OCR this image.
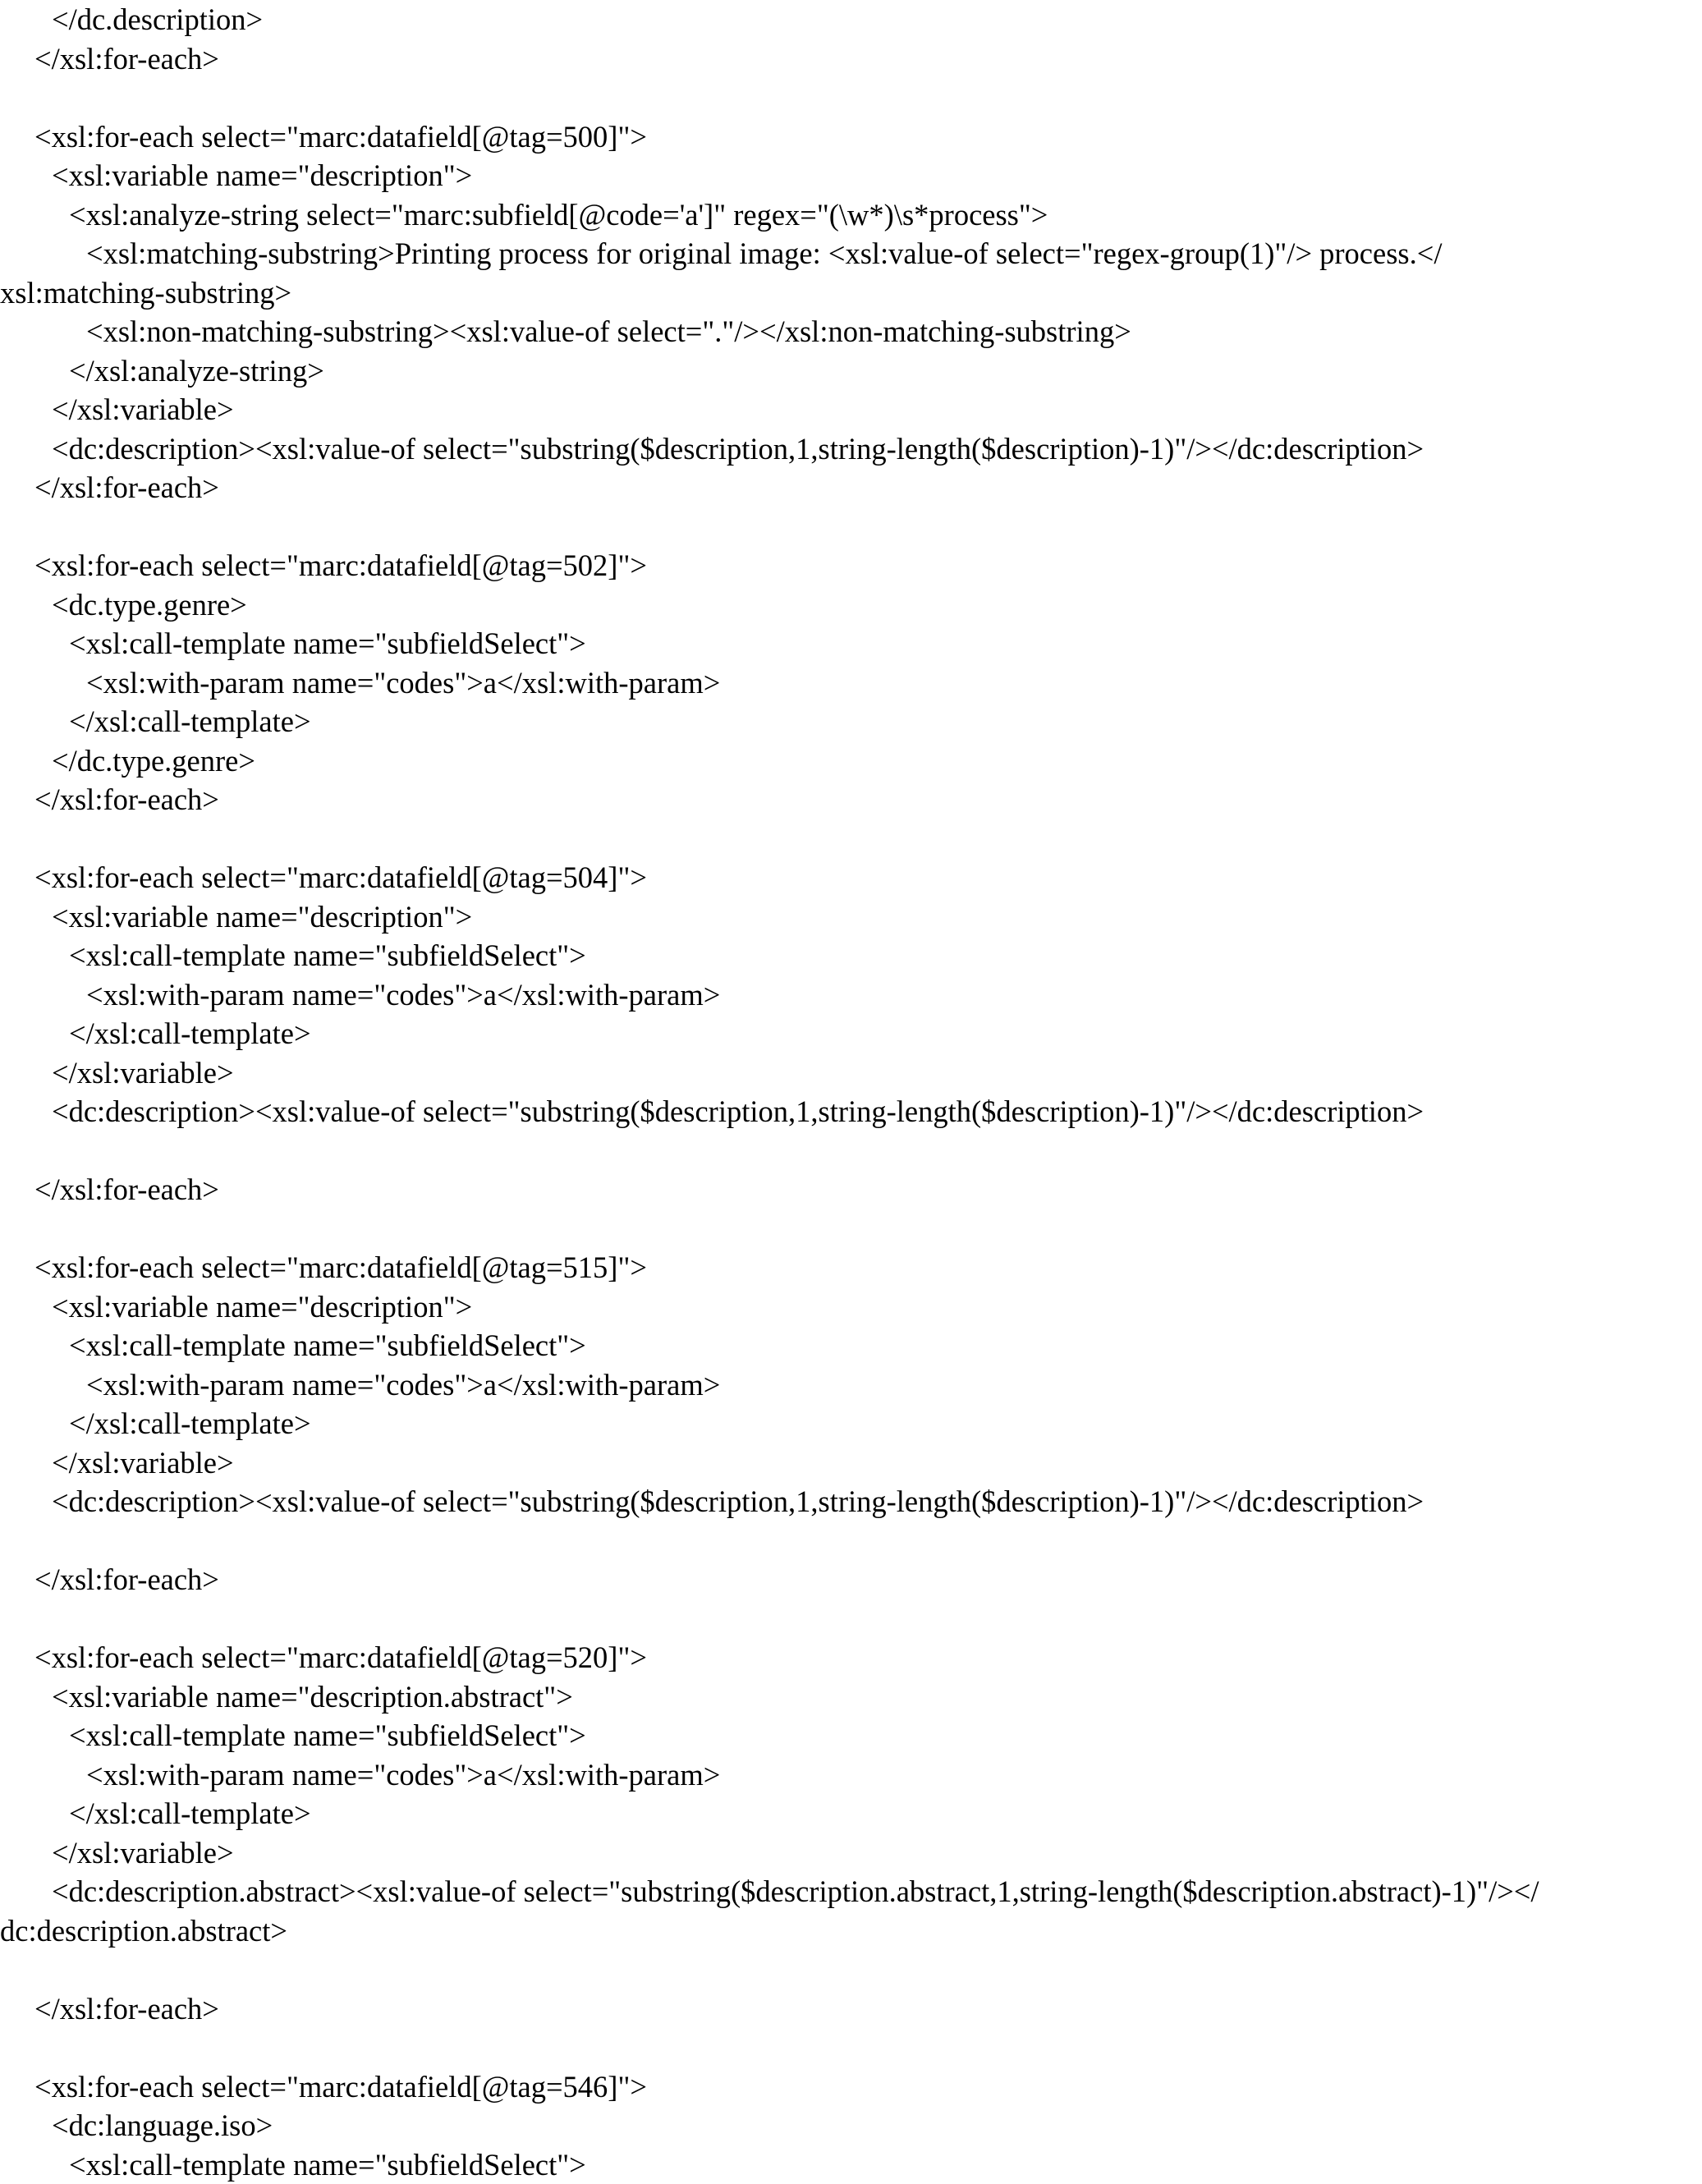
</dc.description>
</xsl:for-each>
<xsl:for-each select="marc:datafield[@tag=500]">
<xsl:variable name="description">
<xsl:analyze-string select="marc:subfield[@code='a']" regex="(\w*)\s*process">
<xsl:matching-substring>Printing process for original image: <xsl:value-of select="regex-group(1)"/> process.</
xsl:matching-substring>
<xsl:non-matching-substring><xsl:value-of select="."/></xsl:non-matching-substring>
</xsl:analyze-string>
</xsl:variable>
<dc:description><xsl:value-of select="substring($description,1,string-length($description)-1)"/></dc:description>
</xsl:for-each>
<xsl:for-each select="marc:datafield[@tag=502]">
<dc.type.genre>
<xsl:call-template name="subfieldSelect">
<xsl:with-param name="codes">a</xsl:with-param>
</xsl:call-template>
</dc.type.genre>
</xsl:for-each>
<xsl:for-each select="marc:datafield[@tag=504]">
<xsl:variable name="description">
<xsl:call-template name="subfieldSelect">
<xsl:with-param name="codes">a</xsl:with-param>
</xsl:call-template>
</xsl:variable>
<dc:description><xsl:value-of select="substring($description,1,string-length($description)-1)"/></dc:description>
</xsl:for-each>
<xsl:for-each select="marc:datafield[@tag=515]">
<xsl:variable name="description">
<xsl:call-template name="subfieldSelect">
<xsl:with-param name="codes">a</xsl:with-param>
</xsl:call-template>
</xsl:variable>
<dc:description><xsl:value-of select="substring($description,1,string-length($description)-1)"/></dc:description>
</xsl:for-each>
<xsl:for-each select="marc:datafield[@tag=520]">
<xsl:variable name="description.abstract">
<xsl:call-template name="subfieldSelect">
<xsl:with-param name="codes">a</xsl:with-param>
</xsl:call-template>
</xsl:variable>
<dc:description.abstract><xsl:value-of select="substring($description.abstract,1,string-length($description.abstract)-1)"/></
dc:description.abstract>
</xsl:for-each>
<xsl:for-each select="marc:datafield[@tag=546]">
<dc:language.iso>
<xsl:call-template name="subfieldSelect">
